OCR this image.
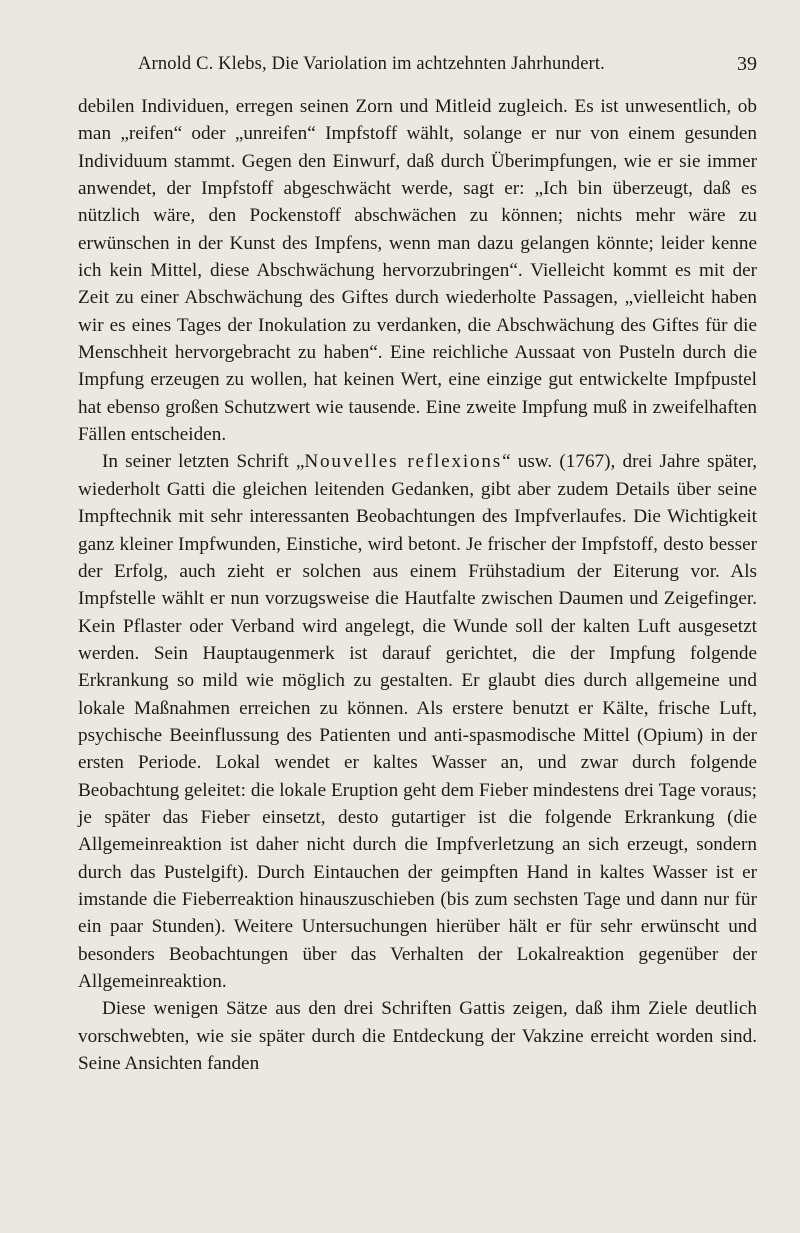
Arnold C. Klebs, Die Variolation im achtzehnten Jahrhundert.	39

debilen Individuen, erregen seinen Zorn und Mitleid zugleich. Es ist unwesentlich, ob man „reifen“ oder „unreifen“ Impfstoff wählt, solange er nur von einem gesunden Individuum stammt. Gegen den Einwurf, daß durch Überimpfungen, wie er sie immer anwendet, der Impfstoff abgeschwächt werde, sagt er: „Ich bin überzeugt, daß es nützlich wäre, den Pockenstoff abschwächen zu können; nichts mehr wäre zu erwünschen in der Kunst des Impfens, wenn man dazu gelangen könnte; leider kenne ich kein Mittel, diese Abschwächung hervorzubringen“. Vielleicht kommt es mit der Zeit zu einer Abschwächung des Giftes durch wiederholte Passagen, „vielleicht haben wir es eines Tages der Inokulation zu verdanken, die Abschwächung des Giftes für die Menschheit hervorgebracht zu haben“. Eine reichliche Aussaat von Pusteln durch die Impfung erzeugen zu wollen, hat keinen Wert, eine einzige gut entwickelte Impfpustel hat ebenso großen Schutzwert wie tausende. Eine zweite Impfung muß in zweifelhaften Fällen entscheiden.

In seiner letzten Schrift „Nouvelles reflexions“ usw. (1767), drei Jahre später, wiederholt Gatti die gleichen leitenden Gedanken, gibt aber zudem Details über seine Impftechnik mit sehr interessanten Beobachtungen des Impfverlaufes. Die Wichtigkeit ganz kleiner Impfwunden, Einstiche, wird betont. Je frischer der Impfstoff, desto besser der Erfolg, auch zieht er solchen aus einem Frühstadium der Eiterung vor. Als Impfstelle wählt er nun vorzugsweise die Hautfalte zwischen Daumen und Zeigefinger. Kein Pflaster oder Verband wird angelegt, die Wunde soll der kalten Luft ausgesetzt werden. Sein Hauptaugenmerk ist darauf gerichtet, die der Impfung folgende Erkrankung so mild wie möglich zu gestalten. Er glaubt dies durch allgemeine und lokale Maßnahmen erreichen zu können. Als erstere benutzt er Kälte, frische Luft, psychische Beeinflussung des Patienten und anti-spasmodische Mittel (Opium) in der ersten Periode. Lokal wendet er kaltes Wasser an, und zwar durch folgende Beobachtung geleitet: die lokale Eruption geht dem Fieber mindestens drei Tage voraus; je später das Fieber einsetzt, desto gutartiger ist die folgende Erkrankung (die Allgemeinreaktion ist daher nicht durch die Impfverletzung an sich erzeugt, sondern durch das Pustelgift). Durch Eintauchen der geimpften Hand in kaltes Wasser ist er imstande die Fieberreaktion hinauszuschieben (bis zum sechsten Tage und dann nur für ein paar Stunden). Weitere Untersuchungen hierüber hält er für sehr erwünscht und besonders Beobachtungen über das Verhalten der Lokalreaktion gegenüber der Allgemeinreaktion.

Diese wenigen Sätze aus den drei Schriften Gattis zeigen, daß ihm Ziele deutlich vorschwebten, wie sie später durch die Entdeckung der Vakzine erreicht worden sind. Seine Ansichten fanden
